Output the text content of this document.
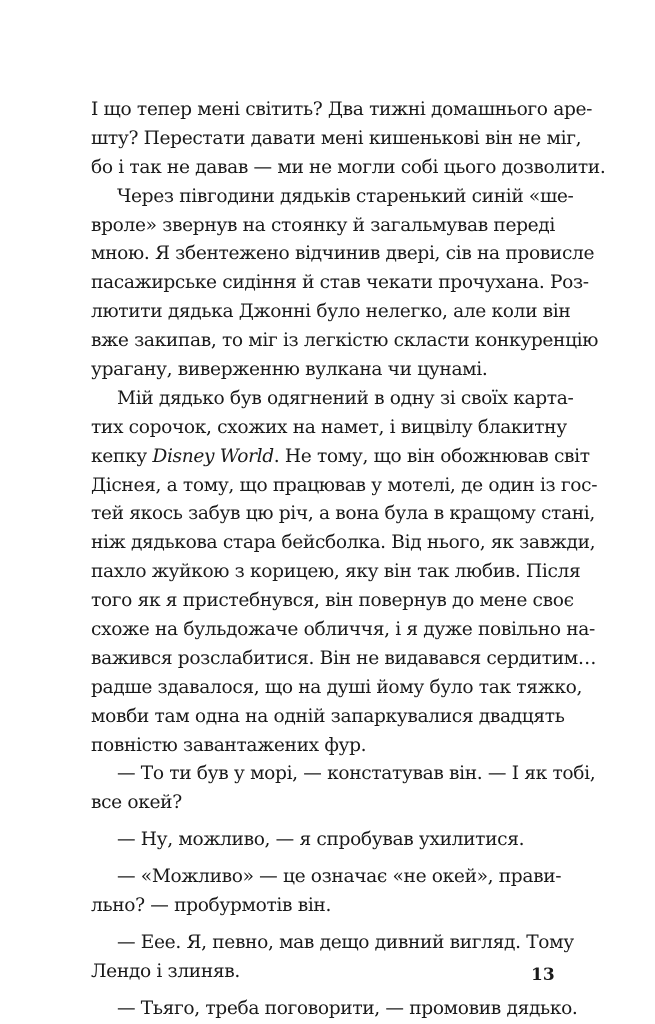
І що тепер мені світить? Два тижні домашнього аре-
шту? Перестати давати мені кишенькові він не міг,
бо і так не давав — ми не могли собі цього дозволити.
Через півгодини дядьків старенький синій «ше-
вроле» звернув на стоянку й загальмував переді
мною. Я збентежено відчинив двері, сів на провисле
пасажирське сидіння й став чекати прочухана. Роз-
лютити дядька Джонні було нелегко, але коли він
вже закипав, то міг із легкістю скласти конкуренцію
урагану, виверженню вулкана чи цунамі.
Мій дядько був одягнений в одну зі своїх картa-
тих сорочок, схожих на намет, і вицвілу блакитну
кепку Disney World. Не тому, що він обожнював світ
Діснея, а тому, що працював у мотелі, де один із гос-
тей якось забув цю річ, а вона була в кращому стані,
ніж дядькова стара бейсболка. Від нього, як завжди,
пахло жуйкою з корицею, яку він так любив. Після
того як я пристебнувся, він повернув до мене своє
схоже на бульдожаче обличчя, і я дуже повільно на-
важився розслабитися. Він не видавався сердитим…
радше здавалося, що на душі йому було так тяжко,
мовби там одна на одній запаркувалися двадцять
повністю завантажених фур.
— То ти був у морі, — констатував він. — І як тобі,
все окей?
— Ну, можливо, — я спробував ухилитися.
— «Можливо» — це означає «не окей», прави-
льно? — пробурмотів він.
— Еее. Я, певно, мав дещо дивний вигляд. Тому
Лендо і злиняв.
— Тьяго, треба поговорити, — промовив дядько.
13
